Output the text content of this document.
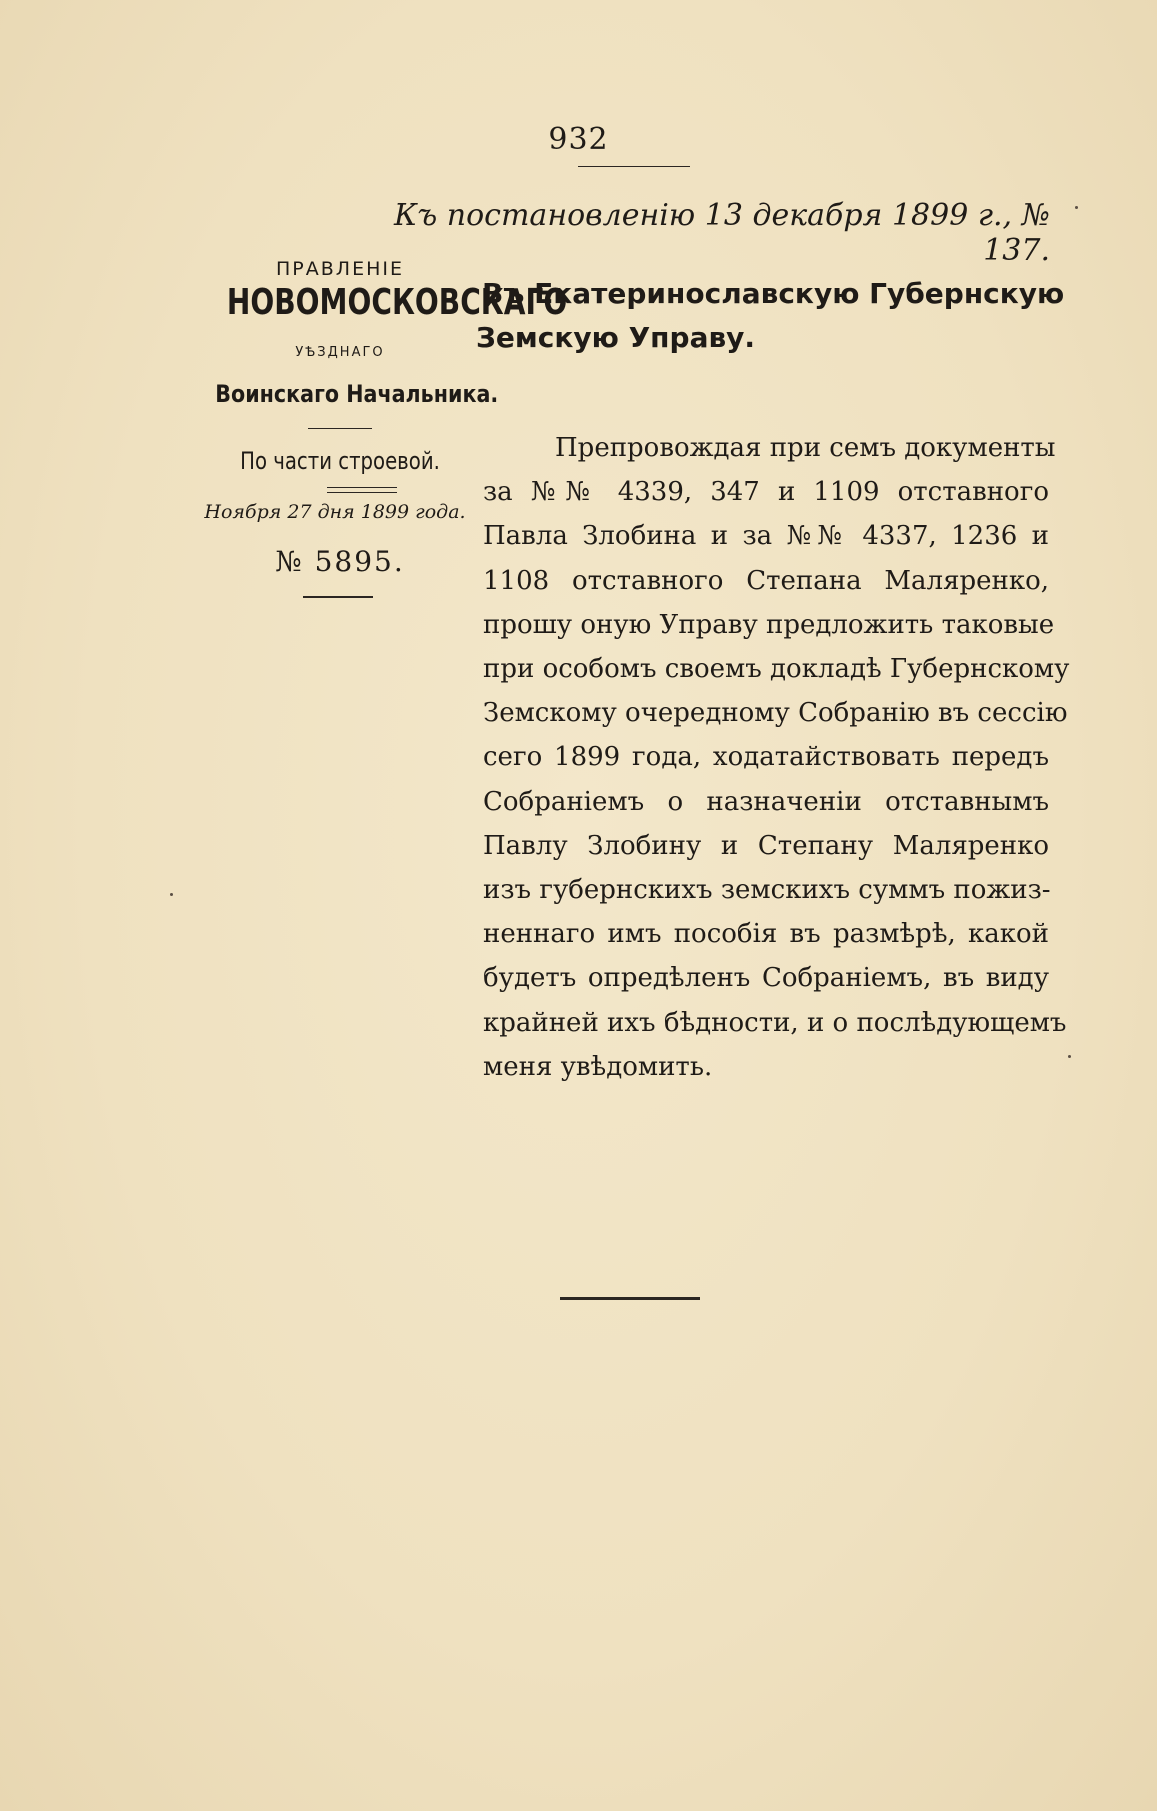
932
Къ постановленію 13 декабря 1899 г., № 137.
ПРАВЛЕНІЕ
НОВОМОСКОВСКАГО
УѢЗДНАГО
Воинскаго Начальника.
По части строевой.
Ноября 27 дня 1899 года.
№ 5895.
Въ Екатеринославскую Губернскую
Земскую Управу.
Препровождая при семъ документы
за №№ 4339, 347 и 1109 отставного
Павла Злобина и за №№ 4337, 1236 и
1108 отставного Степана Маляренко,
прошу оную Управу предложить таковые
при особомъ своемъ докладѣ Губернскому
Земскому очередному Собранію въ сессію
сего 1899 года, ходатайствовать передъ
Собраніемъ о назначеніи отставнымъ
Павлу Злобину и Степану Маляренко
изъ губернскихъ земскихъ суммъ пожиз-
неннаго имъ пособія въ размѣрѣ, какой
будетъ опредѣленъ Собраніемъ, въ виду
крайней ихъ бѣдности, и о послѣдующемъ
меня увѣдомить.
